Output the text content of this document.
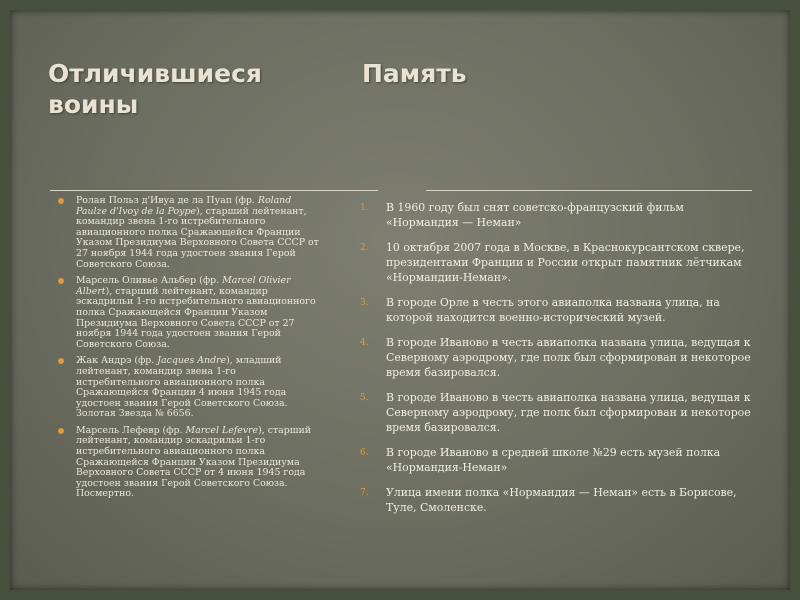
Отличившиеся
воины
Память
Ролан Польз д'Ивуа де ла Пуап (фр. Roland Paulze d'Ivoy de la Poype), старший лейтенант, командир звена 1-го истребительного авиационного полка Сражающейся Франции Указом Президиума Верховного Совета СССР от 27 ноября 1944 года удостоен звания Герой Советского Союза.
Марсель Оливье Альбер (фр. Marcel Olivier Albert), старший лейтенант, командир эскадрильи 1-го истребительного авиационного полка Сражающейся Франции Указом Президиума Верховного Совета СССР от 27 ноября 1944 года удостоен звания Герой Советского Союза.
Жак Андрэ (фр. Jacques Andre), младший лейтенант, командир звена 1-го истребительного авиационного полка Сражающейся Франции 4 июня 1945 года удостоен звания Герой Советского Союза. Золотая Звезда № 6656.
Марсель Лефевр (фр. Marcel Lefevre), старший лейтенант, командир эскадрильи 1-го истребительного авиационного полка Сражающейся Франции Указом Президиума Верховного Совета СССР от 4 июня 1945 года удостоен звания Герой Советского Союза. Посмертно.
1. В 1960 году был снят советско-французский фильм «Нормандия — Неман»
2. 10 октября 2007 года в Москве, в Краснокурсантском сквере, президентами Франции и России открыт памятник лётчикам «Нормандии-Неман».
3. В городе Орле в честь этого авиаполка названа улица, на которой находится военно-исторический музей.
4. В городе Иваново в честь авиаполка названа улица, ведущая к Северному аэродрому, где полк был сформирован и некоторое время базировался.
5. В городе Иваново в честь авиаполка названа улица, ведущая к Северному аэродрому, где полк был сформирован и некоторое время базировался.
6. В городе Иваново в средней школе №29 есть музей полка «Нормандия-Неман»
7. Улица имени полка «Нормандия — Неман» есть в Борисове, Туле, Смоленске.
